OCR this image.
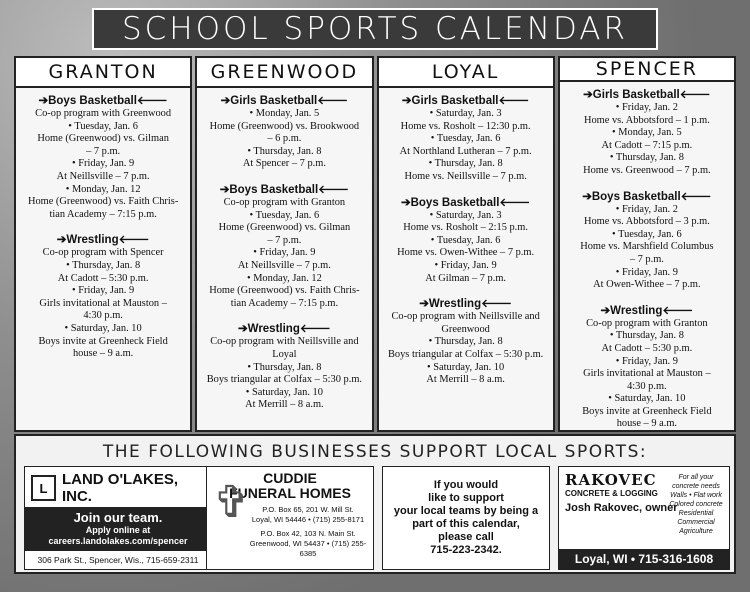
SCHOOL SPORTS CALENDAR
GRANTON
➔Boys Basketball🡐
Co-op program with Greenwood
• Tuesday, Jan. 6
Home (Greenwood) vs. Gilman
– 7 p.m.
• Friday, Jan. 9
At Neillsville – 7 p.m.
• Monday, Jan. 12
Home (Greenwood) vs. Faith Chris-
tian Academy – 7:15 p.m.
➔Wrestling🡐
Co-op program with Spencer
• Thursday, Jan. 8
At Cadott – 5:30 p.m.
• Friday, Jan. 9
Girls invitational at Mauston –
4:30 p.m.
• Saturday, Jan. 10
Boys invite at Greenheck Field
house – 9 a.m.
GREENWOOD
➔Girls Basketball🡐
• Monday, Jan. 5
Home (Greenwood) vs. Brookwood
– 6 p.m.
• Thursday, Jan. 8
At Spencer – 7 p.m.
➔Boys Basketball🡐
Co-op program with Granton
• Tuesday, Jan. 6
Home (Greenwood) vs. Gilman
– 7 p.m.
• Friday, Jan. 9
At Neillsville – 7 p.m.
• Monday, Jan. 12
Home (Greenwood) vs. Faith Chris-
tian Academy – 7:15 p.m.
➔Wrestling🡐
Co-op program with Neillsville and
Loyal
• Thursday, Jan. 8
Boys triangular at Colfax – 5:30 p.m.
• Saturday, Jan. 10
At Merrill – 8 a.m.
LOYAL
➔Girls Basketball🡐
• Saturday, Jan. 3
Home vs. Rosholt – 12:30 p.m.
• Tuesday, Jan. 6
At Northland Lutheran – 7 p.m.
• Thursday, Jan. 8
Home vs. Neillsville – 7 p.m.
➔Boys Basketball🡐
• Saturday, Jan. 3
Home vs. Rosholt – 2:15 p.m.
• Tuesday, Jan. 6
Home vs. Owen-Withee – 7 p.m.
• Friday, Jan. 9
At Gilman – 7 p.m.
➔Wrestling🡐
Co-op program with Neillsville and
Greenwood
• Thursday, Jan. 8
Boys triangular at Colfax – 5:30 p.m.
• Saturday, Jan. 10
At Merrill – 8 a.m.
SPENCER
➔Girls Basketball🡐
• Friday, Jan. 2
Home vs. Abbotsford – 1 p.m.
• Monday, Jan. 5
At Cadott – 7:15 p.m.
• Thursday, Jan. 8
Home vs. Greenwood – 7 p.m.
➔Boys Basketball🡐
• Friday, Jan. 2
Home vs. Abbotsford – 3 p.m.
• Tuesday, Jan. 6
Home vs. Marshfield Columbus
– 7 p.m.
• Friday, Jan. 9
At Owen-Withee – 7 p.m.
➔Wrestling🡐
Co-op program with Granton
• Thursday, Jan. 8
At Cadott – 5:30 p.m.
• Friday, Jan. 9
Girls invitational at Mauston –
4:30 p.m.
• Saturday, Jan. 10
Boys invite at Greenheck Field
house – 9 a.m.
THE FOLLOWING BUSINESSES SUPPORT LOCAL SPORTS:
L LAND O'LAKES, INC.
Join our team.
Apply online at
careers.landolakes.com/spencer
306 Park St., Spencer, Wis., 715-659-2311
✞ CUDDIE
FUNERAL HOMES
P.O. Box 65, 201 W. Mill St.
Loyal, WI 54446 • (715) 255-8171
P.O. Box 42, 103 N. Main St.
Greenwood, WI 54437 • (715) 255-6385
If you would
like to support
your local teams by being a
part of this calendar,
please call
715-223-2342.
RAKOVEC
CONCRETE & LOGGING
Josh Rakovec, owner
For all your
concrete needs
Walls • Flat work
Colored concrete
Residential
Commercial
Agriculture
Loyal, WI • 715-316-1608
